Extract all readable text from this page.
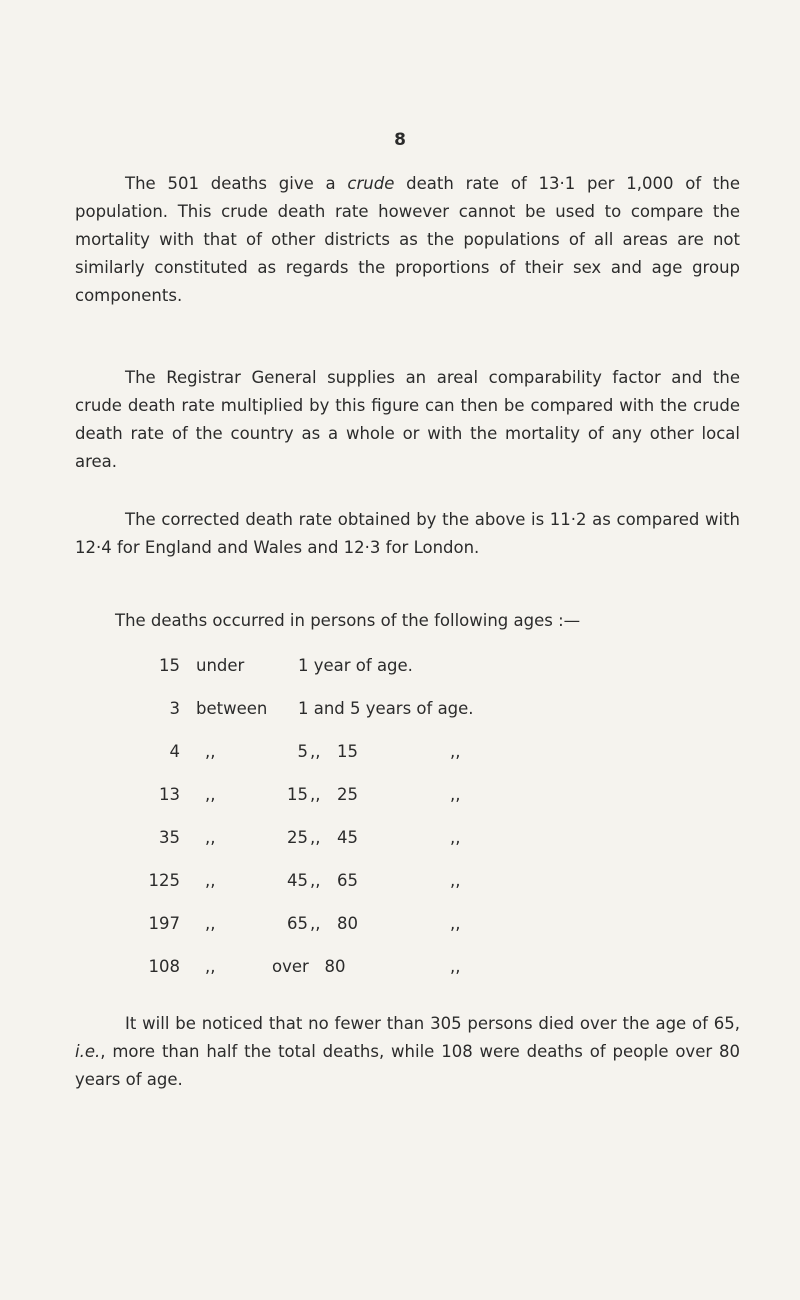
8

The 501 deaths give a crude death rate of 13·1 per 1,000 of the population. This crude death rate however cannot be used to compare the mortality with that of other districts as the populations of all areas are not similarly constituted as regards the proportions of their sex and age group components.

The Registrar General supplies an areal comparability factor and the crude death rate multiplied by this figure can then be compared with the crude death rate of the country as a whole or with the mortality of any other local area.

The corrected death rate obtained by the above is 11·2 as compared with 12·4 for England and Wales and 12·3 for London.

The deaths occurred in persons of the following ages :—

15 under	1 year of age.
3 between 1 and 5 years of age.
4 ,,	5 ,, 15	,,
13 ,,	15 ,, 25	,,
35 ,,	25 ,, 45	,,
125 ,,	45 ,, 65	,,
197 ,,	65 ,, 80	,,
108 ,,	over   80	,,

It will be noticed that no fewer than 305 persons died over the age of 65, i.e., more than half the total deaths, while 108 were deaths of people over 80 years of age.
